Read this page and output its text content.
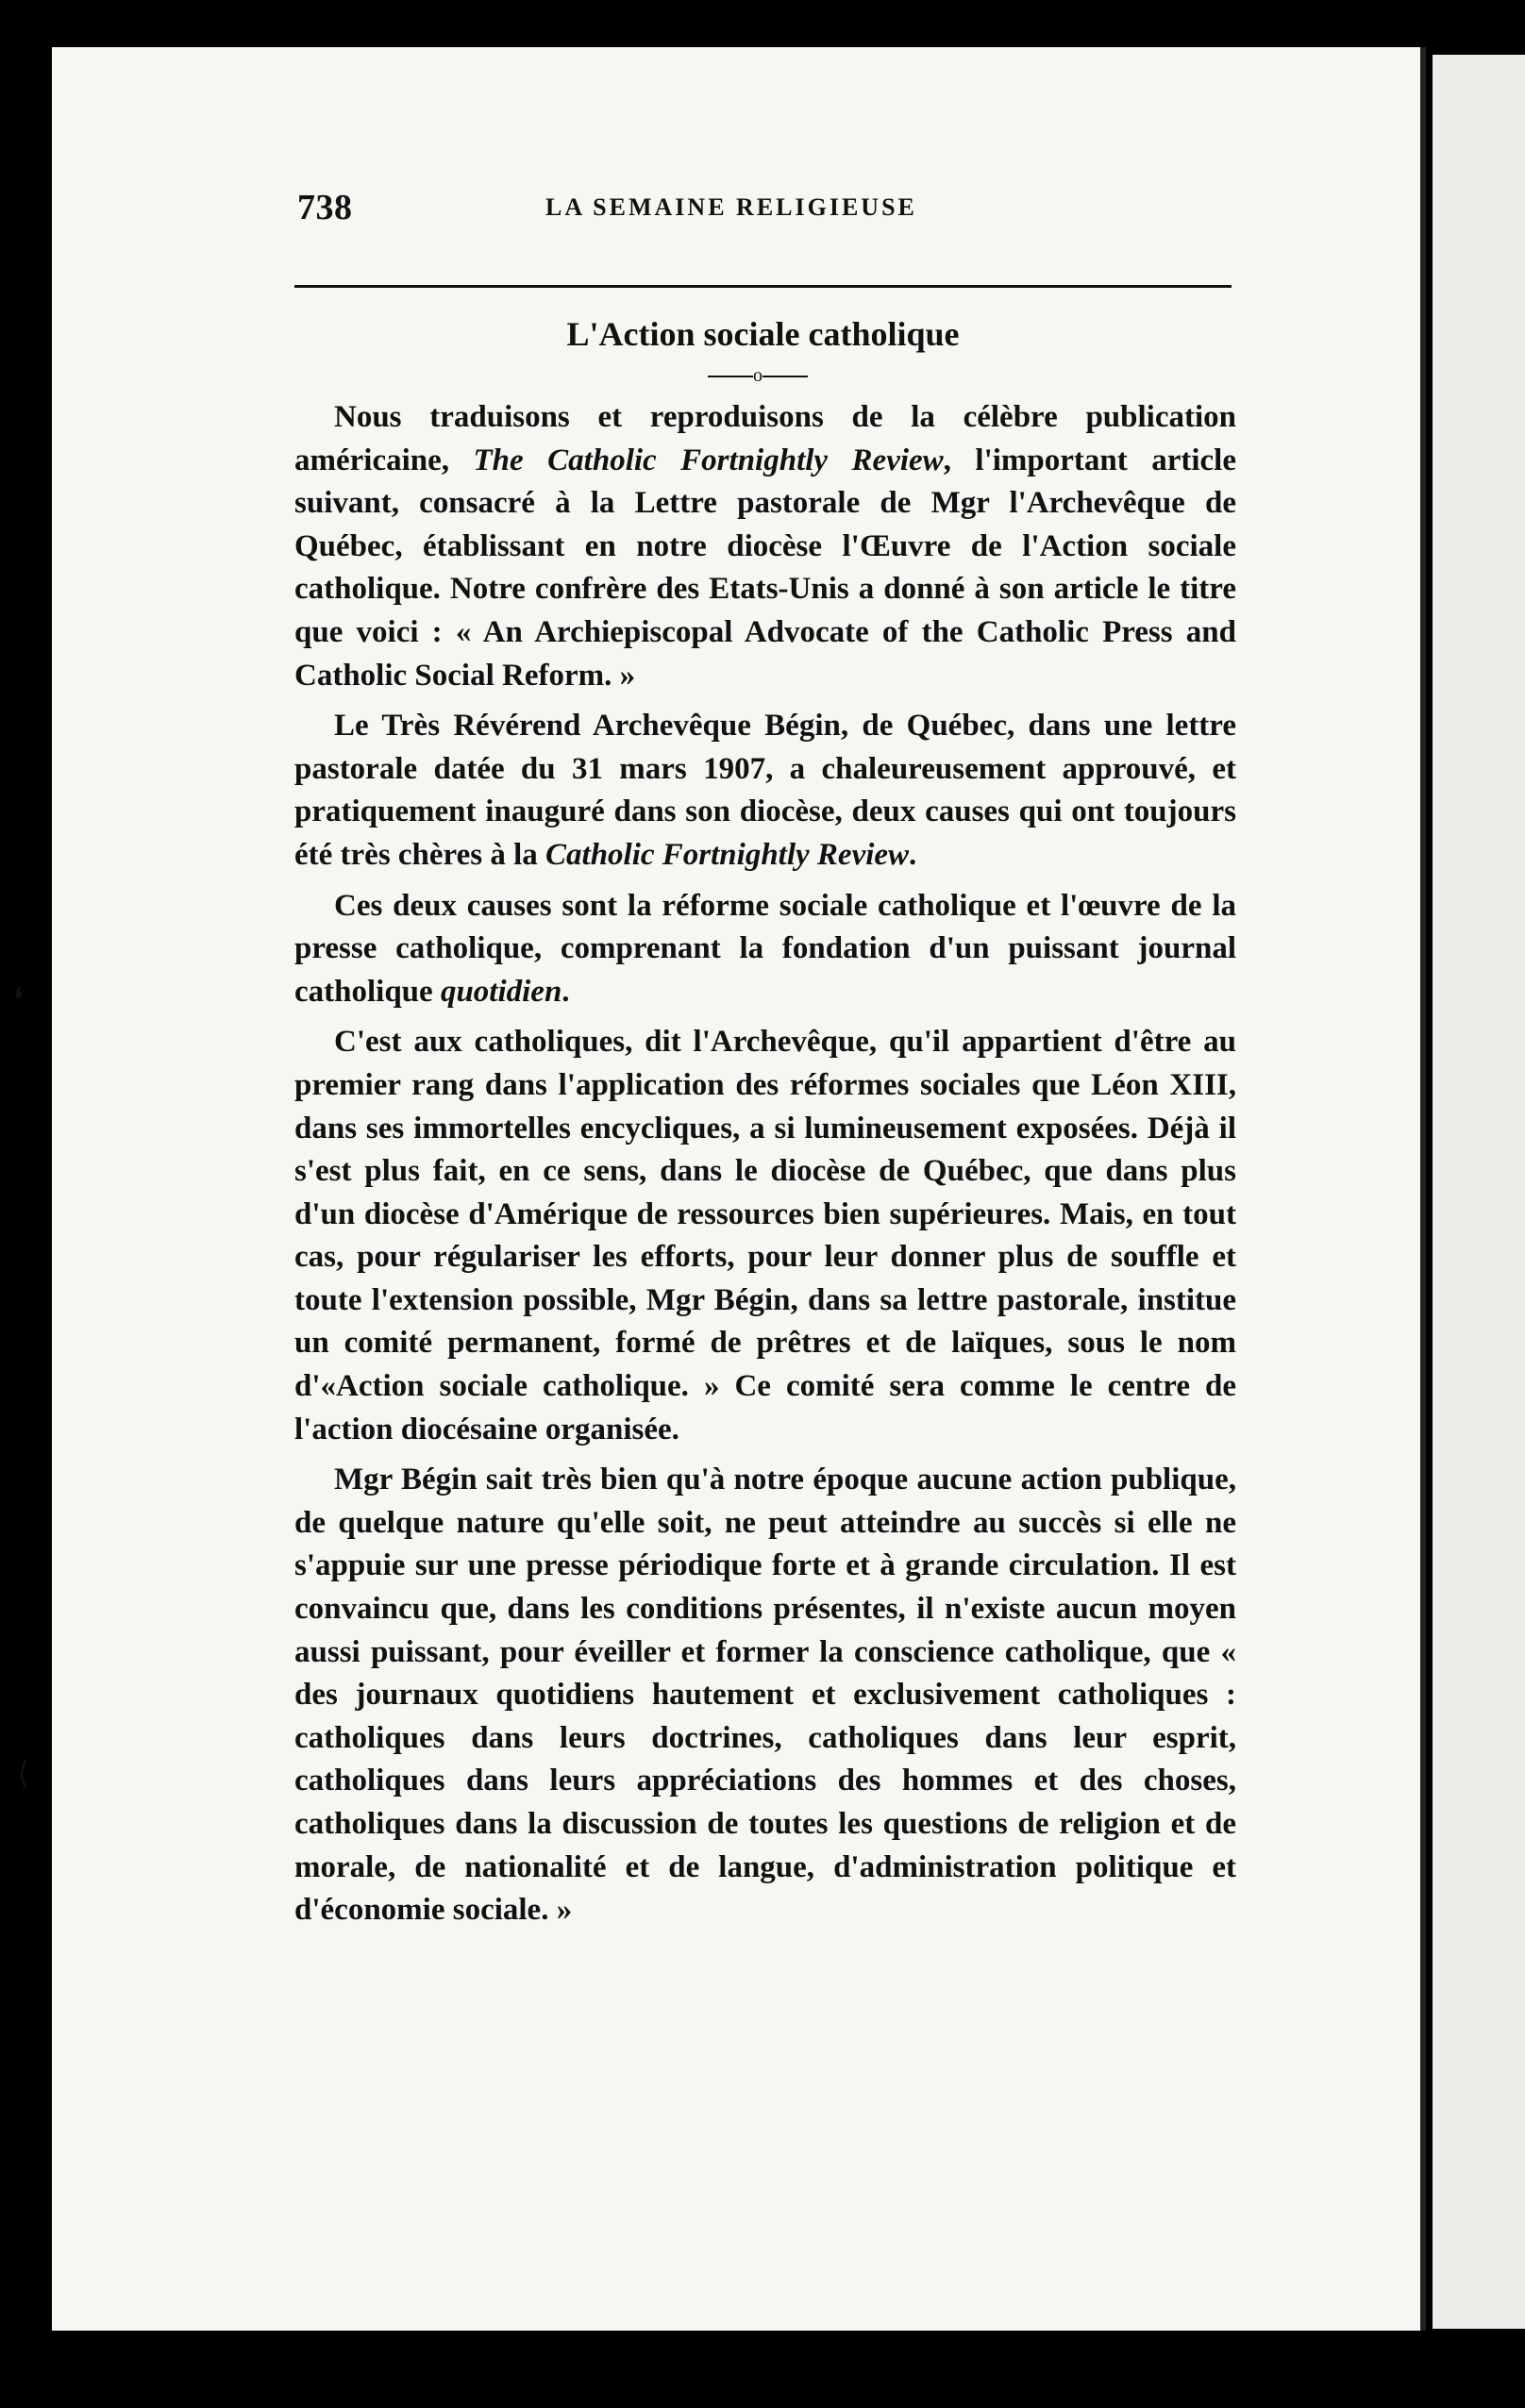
738	LA SEMAINE RELIGIEUSE
L'Action sociale catholique
o

Nous traduisons et reproduisons de la célèbre publication américaine, The Catholic Fortnightly Review, l'important article suivant, consacré à la Lettre pastorale de Mgr l'Archevêque de Québec, établissant en notre diocèse l'Œuvre de l'Action sociale catholique. Notre confrère des Etats-Unis a donné à son article le titre que voici : « An Archiepiscopal Advocate of the Catholic Press and Catholic Social Reform. »

Le Très Révérend Archevêque Bégin, de Québec, dans une lettre pastorale datée du 31 mars 1907, a chaleureusement approuvé, et pratiquement inauguré dans son diocèse, deux causes qui ont toujours été très chères à la Catholic Fortnightly Review.

Ces deux causes sont la réforme sociale catholique et l'œuvre de la presse catholique, comprenant la fondation d'un puissant journal catholique quotidien.

C'est aux catholiques, dit l'Archevêque, qu'il appartient d'être au premier rang dans l'application des réformes sociales que Léon XIII, dans ses immortelles encycliques, a si lumineusement exposées. Déjà il s'est plus fait, en ce sens, dans le diocèse de Québec, que dans plus d'un diocèse d'Amérique de ressources bien supérieures. Mais, en tout cas, pour régulariser les efforts, pour leur donner plus de souffle et toute l'extension possible, Mgr Bégin, dans sa lettre pastorale, institue un comité permanent, formé de prêtres et de laïques, sous le nom d'«Action sociale catholique. » Ce comité sera comme le centre de l'action diocésaine organisée.

Mgr Bégin sait très bien qu'à notre époque aucune action publique, de quelque nature qu'elle soit, ne peut atteindre au succès si elle ne s'appuie sur une presse périodique forte et à grande circulation. Il est convaincu que, dans les conditions présentes, il n'existe aucun moyen aussi puissant, pour éveiller et former la conscience catholique, que « des journaux quotidiens hautement et exclusivement catholiques : catholiques dans leurs doctrines, catholiques dans leur esprit, catholiques dans leurs appréciations des hommes et des choses, catholiques dans la discussion de toutes les questions de religion et de morale, de nationalité et de langue, d'administration politique et d'économie sociale. »

❛
⟨
